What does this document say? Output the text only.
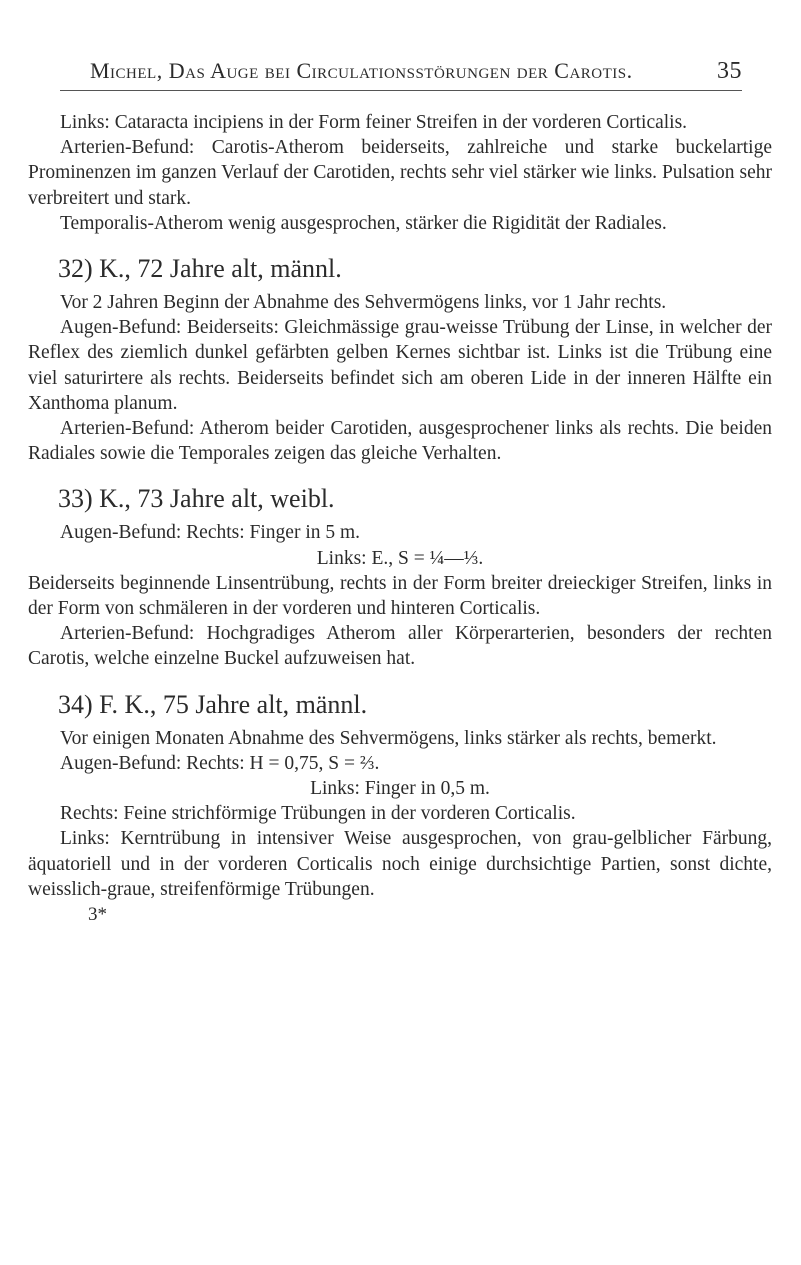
Michel, Das Auge bei Circulationsstörungen der Carotis.	35

Links: Cataracta incipiens in der Form feiner Streifen in der vorderen Corticalis.

Arterien-Befund: Carotis-Atherom beiderseits, zahlreiche und starke buckelartige Prominenzen im ganzen Verlauf der Carotiden, rechts sehr viel stärker wie links. Pulsation sehr verbreitert und stark.

Temporalis-Atherom wenig ausgesprochen, stärker die Rigidität der Radiales.

32) K., 72 Jahre alt, männl.

Vor 2 Jahren Beginn der Abnahme des Sehvermögens links, vor 1 Jahr rechts.

Augen-Befund: Beiderseits: Gleichmässige grau-weisse Trübung der Linse, in welcher der Reflex des ziemlich dunkel gefärbten gelben Kernes sichtbar ist. Links ist die Trübung eine viel saturirtere als rechts. Beiderseits befindet sich am oberen Lide in der inneren Hälfte ein Xanthoma planum.

Arterien-Befund: Atherom beider Carotiden, ausgesprochener links als rechts. Die beiden Radiales sowie die Temporales zeigen das gleiche Verhalten.

33) K., 73 Jahre alt, weibl.

Augen-Befund: Rechts: Finger in 5 m.

Links: E., S = ¼—⅓.

Beiderseits beginnende Linsentrübung, rechts in der Form breiter dreieckiger Streifen, links in der Form von schmäleren in der vorderen und hinteren Corticalis.

Arterien-Befund: Hochgradiges Atherom aller Körperarterien, besonders der rechten Carotis, welche einzelne Buckel aufzuweisen hat.

34) F. K., 75 Jahre alt, männl.

Vor einigen Monaten Abnahme des Sehvermögens, links stärker als rechts, bemerkt.

Augen-Befund: Rechts: H = 0,75, S = ⅔.

Links: Finger in 0,5 m.

Rechts: Feine strichförmige Trübungen in der vorderen Corticalis.

Links: Kerntrübung in intensiver Weise ausgesprochen, von grau-gelblicher Färbung, äquatoriell und in der vorderen Corticalis noch einige durchsichtige Partien, sonst dichte, weisslich-graue, streifenförmige Trübungen.

3*
